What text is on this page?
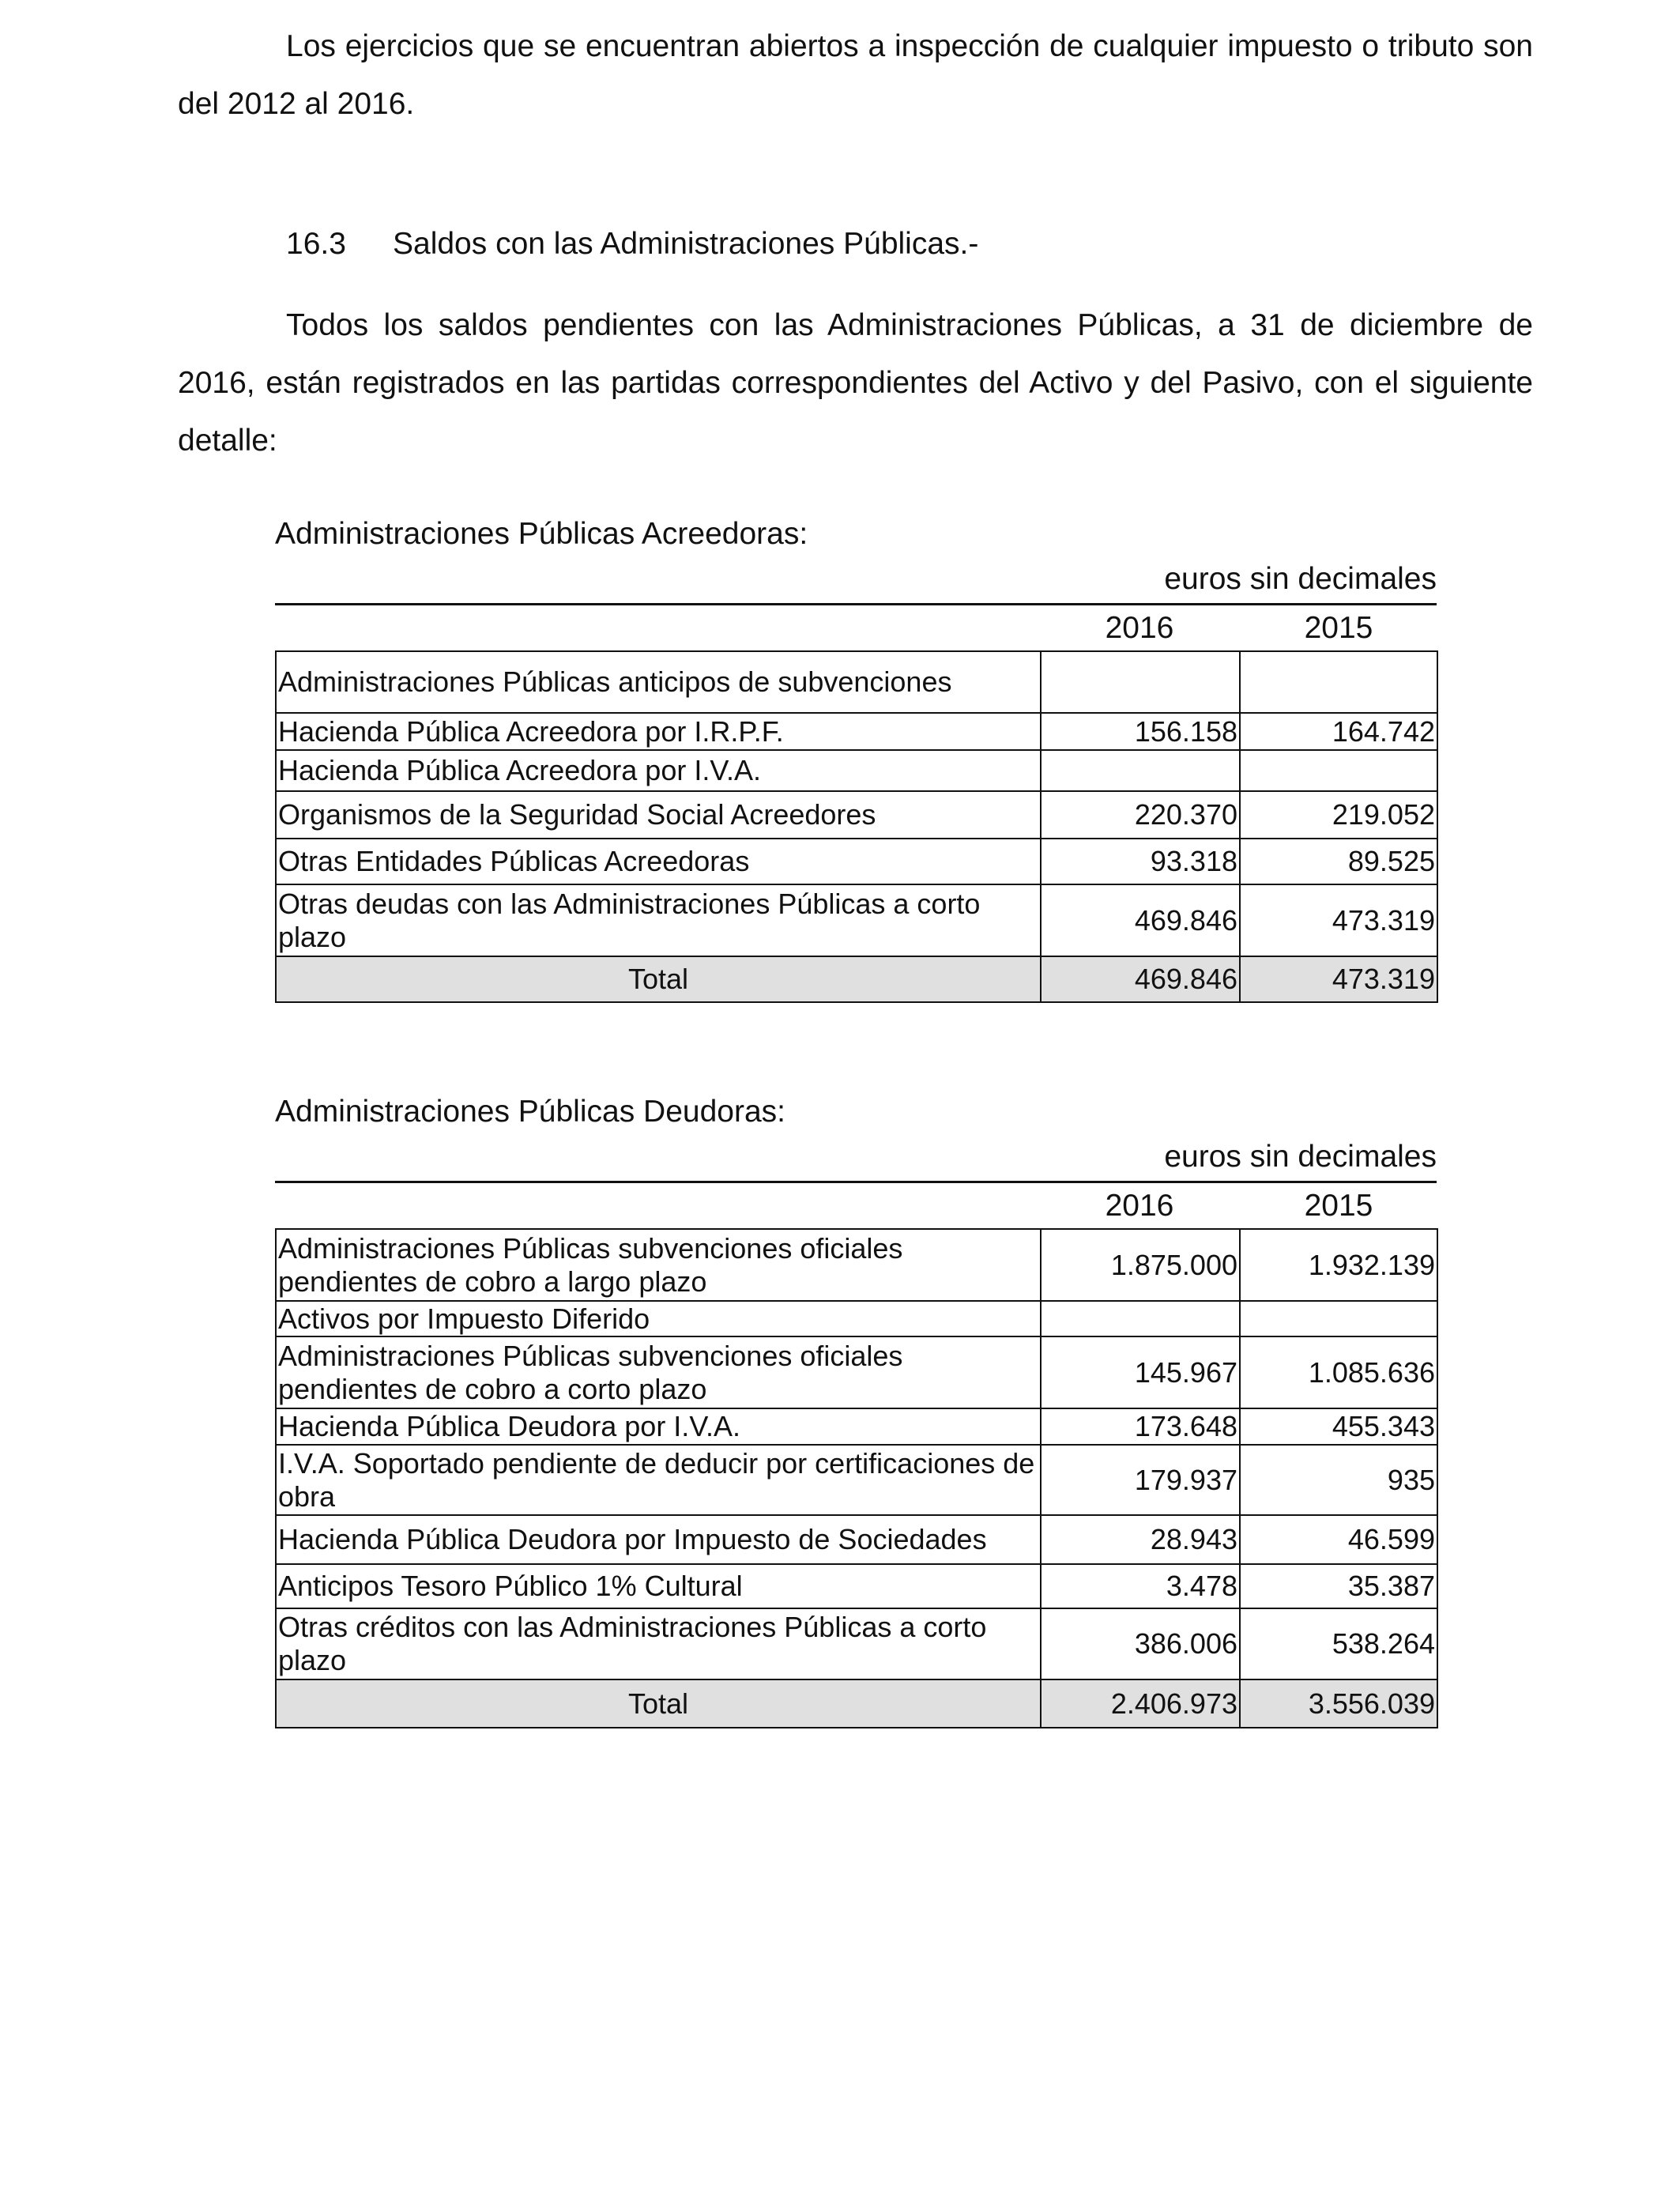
Los ejercicios que se encuentran abiertos a inspección de cualquier impuesto o tributo son del 2012 al 2016.
16.3 Saldos con las Administraciones Públicas.-
Todos los saldos pendientes con las Administraciones Públicas, a 31 de diciembre de 2016, están registrados en las partidas correspondientes del Activo y del Pasivo, con el siguiente detalle:
Administraciones Públicas Acreedoras:
euros sin decimales
2016	2015
Administraciones Públicas anticipos de subvenciones		
Hacienda Pública Acreedora por I.R.P.F.	156.158	164.742
Hacienda Pública Acreedora por I.V.A.		
Organismos de la Seguridad Social Acreedores	220.370	219.052
Otras Entidades Públicas Acreedoras	93.318	89.525
Otras deudas con las Administraciones Públicas a corto plazo	469.846	473.319
Total	469.846	473.319
Administraciones Públicas Deudoras:
euros sin decimales
2016	2015
Administraciones Públicas subvenciones oficiales pendientes de cobro a largo plazo	1.875.000	1.932.139
Activos por Impuesto Diferido		
Administraciones Públicas subvenciones oficiales pendientes de cobro a corto plazo	145.967	1.085.636
Hacienda Pública Deudora por I.V.A.	173.648	455.343
I.V.A. Soportado pendiente de deducir por certificaciones de obra	179.937	935
Hacienda Pública Deudora por Impuesto de Sociedades	28.943	46.599
Anticipos Tesoro Público 1% Cultural	3.478	35.387
Otras créditos con las Administraciones Públicas a corto plazo	386.006	538.264
Total	2.406.973	3.556.039
